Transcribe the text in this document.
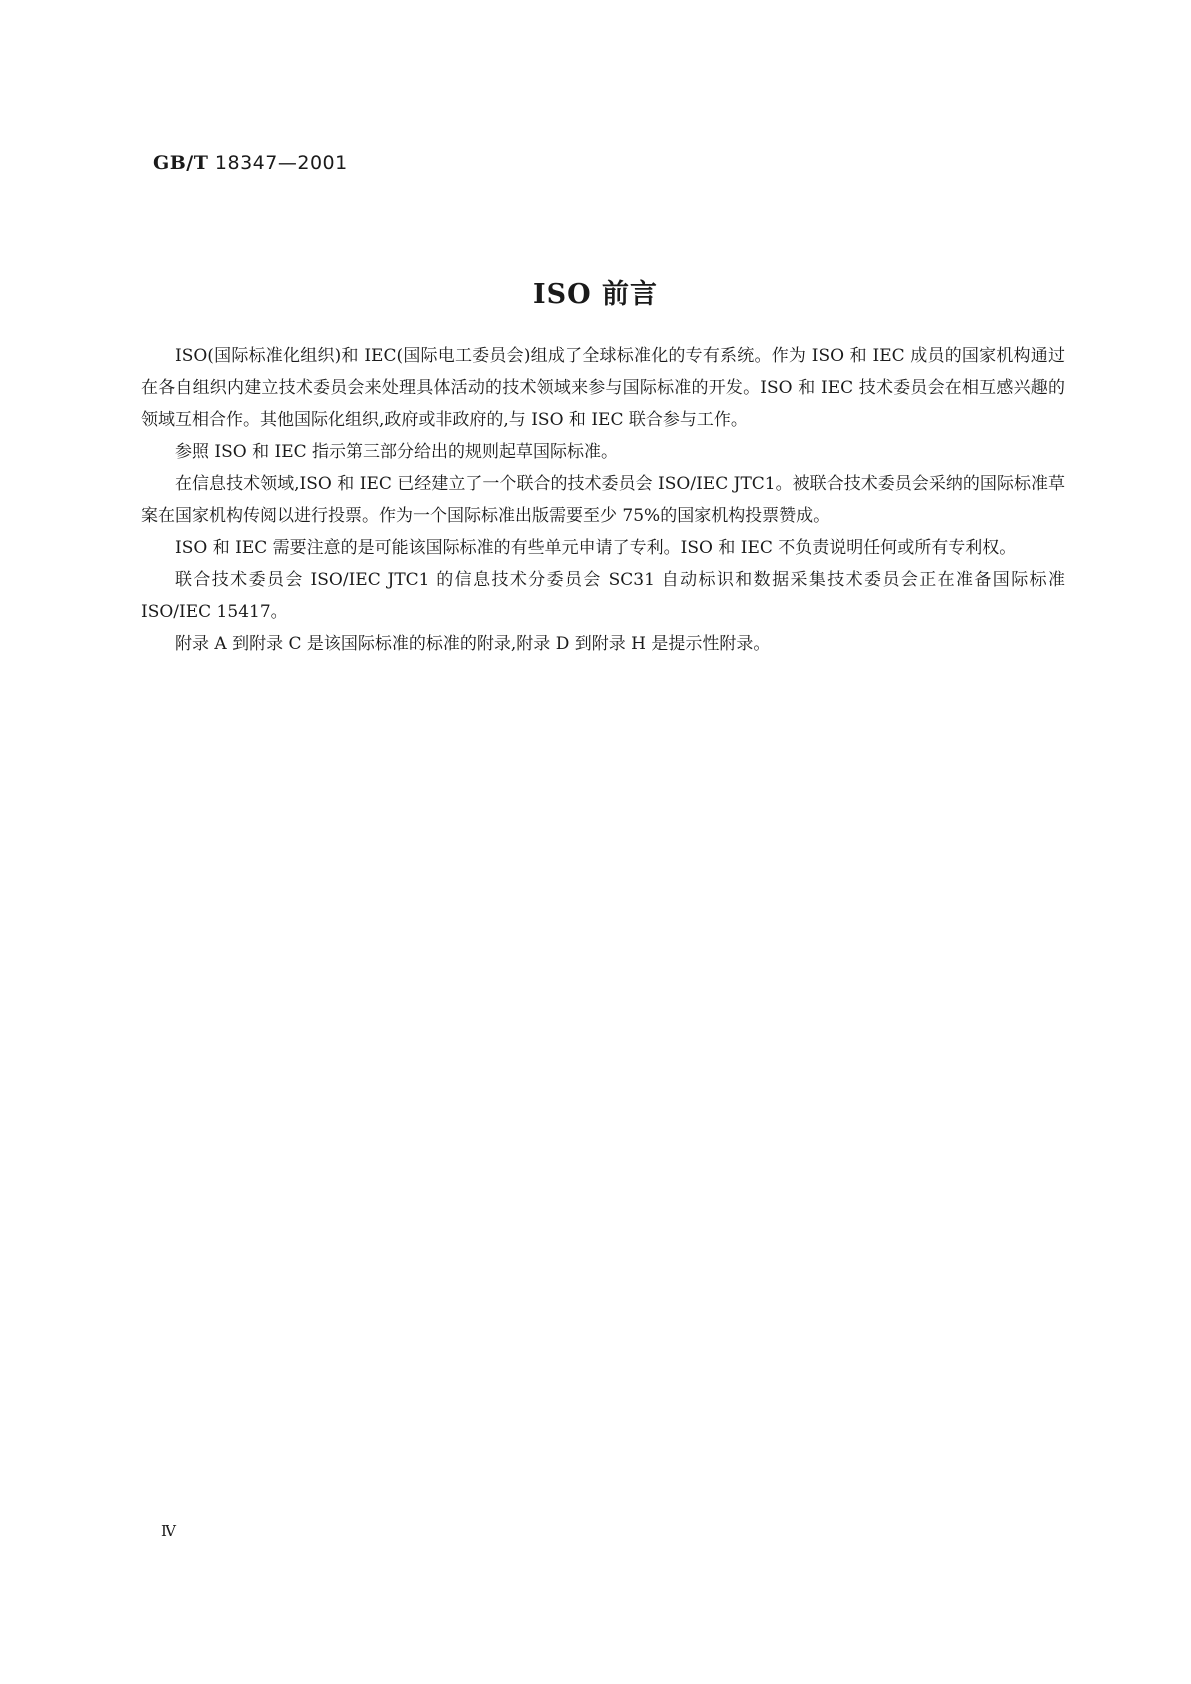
GB/T 18347—2001
ISO 前言

ISO(国际标准化组织)和 IEC(国际电工委员会)组成了全球标准化的专有系统。作为 ISO 和 IEC 成员的国家机构通过在各自组织内建立技术委员会来处理具体活动的技术领域来参与国际标准的开发。ISO 和 IEC 技术委员会在相互感兴趣的领域互相合作。其他国际化组织,政府或非政府的,与 ISO 和 IEC 联合参与工作。

参照 ISO 和 IEC 指示第三部分给出的规则起草国际标准。

在信息技术领域,ISO 和 IEC 已经建立了一个联合的技术委员会 ISO/IEC JTC1。被联合技术委员会采纳的国际标准草案在国家机构传阅以进行投票。作为一个国际标准出版需要至少 75%的国家机构投票赞成。

ISO 和 IEC 需要注意的是可能该国际标准的有些单元申请了专利。ISO 和 IEC 不负责说明任何或所有专利权。

联合技术委员会 ISO/IEC JTC1 的信息技术分委员会 SC31 自动标识和数据采集技术委员会正在准备国际标准 ISO/IEC 15417。

附录 A 到附录 C 是该国际标准的标准的附录,附录 D 到附录 H 是提示性附录。

Ⅳ
